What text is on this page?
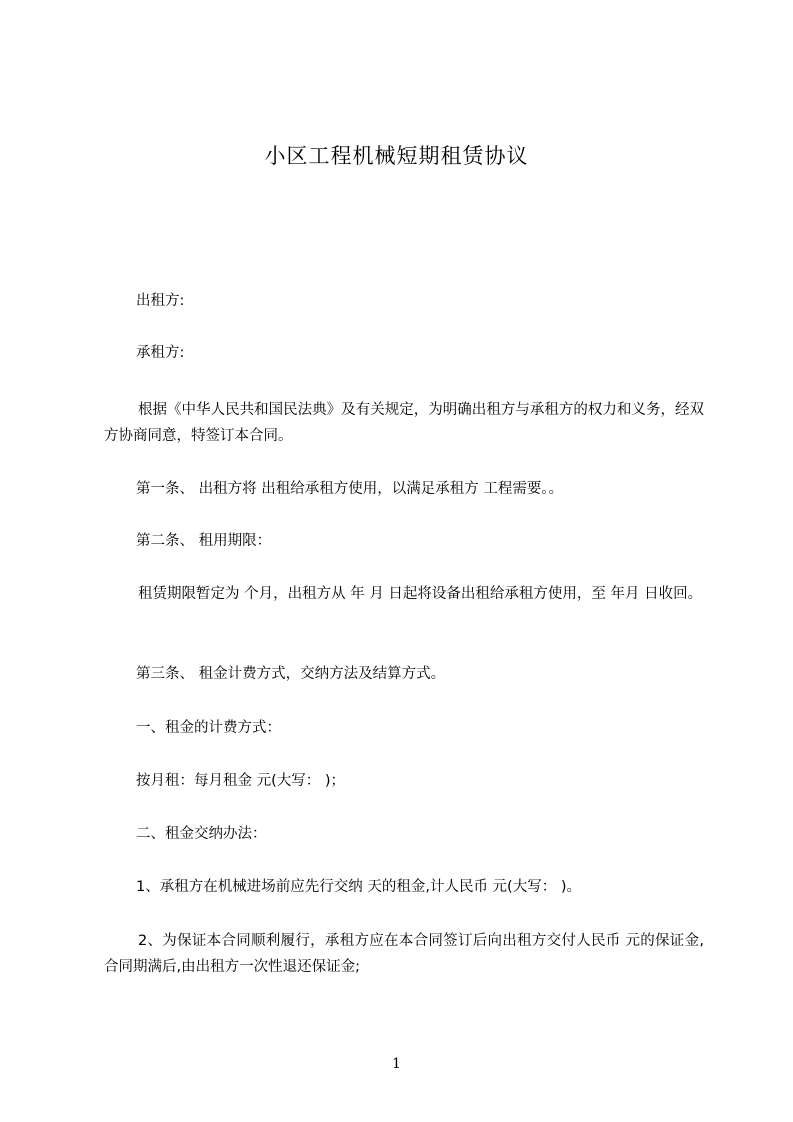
小区工程机械短期租赁协议

出租方:

承租方:

根据《中华人民共和国民法典》及有关规定，为明确出租方与承租方的权力和义务，经双方协商同意，特签订本合同。

第一条、 出租方将 出租给承租方使用，以满足承租方 工程需要。。

第二条、 租用期限：

租赁期限暂定为 个月，出租方从 年 月 日起将设备出租给承租方使用，至 年月 日收回。

第三条、 租金计费方式，交纳方法及结算方式。

一、租金的计费方式：

按月租：每月租金 元(大写： )；

二、租金交纳办法：

1、承租方在机械进场前应先行交纳 天的租金,计人民币 元(大写： )。

2、为保证本合同顺利履行，承租方应在本合同签订后向出租方交付人民币 元的保证金,合同期满后,由出租方一次性退还保证金;

1
